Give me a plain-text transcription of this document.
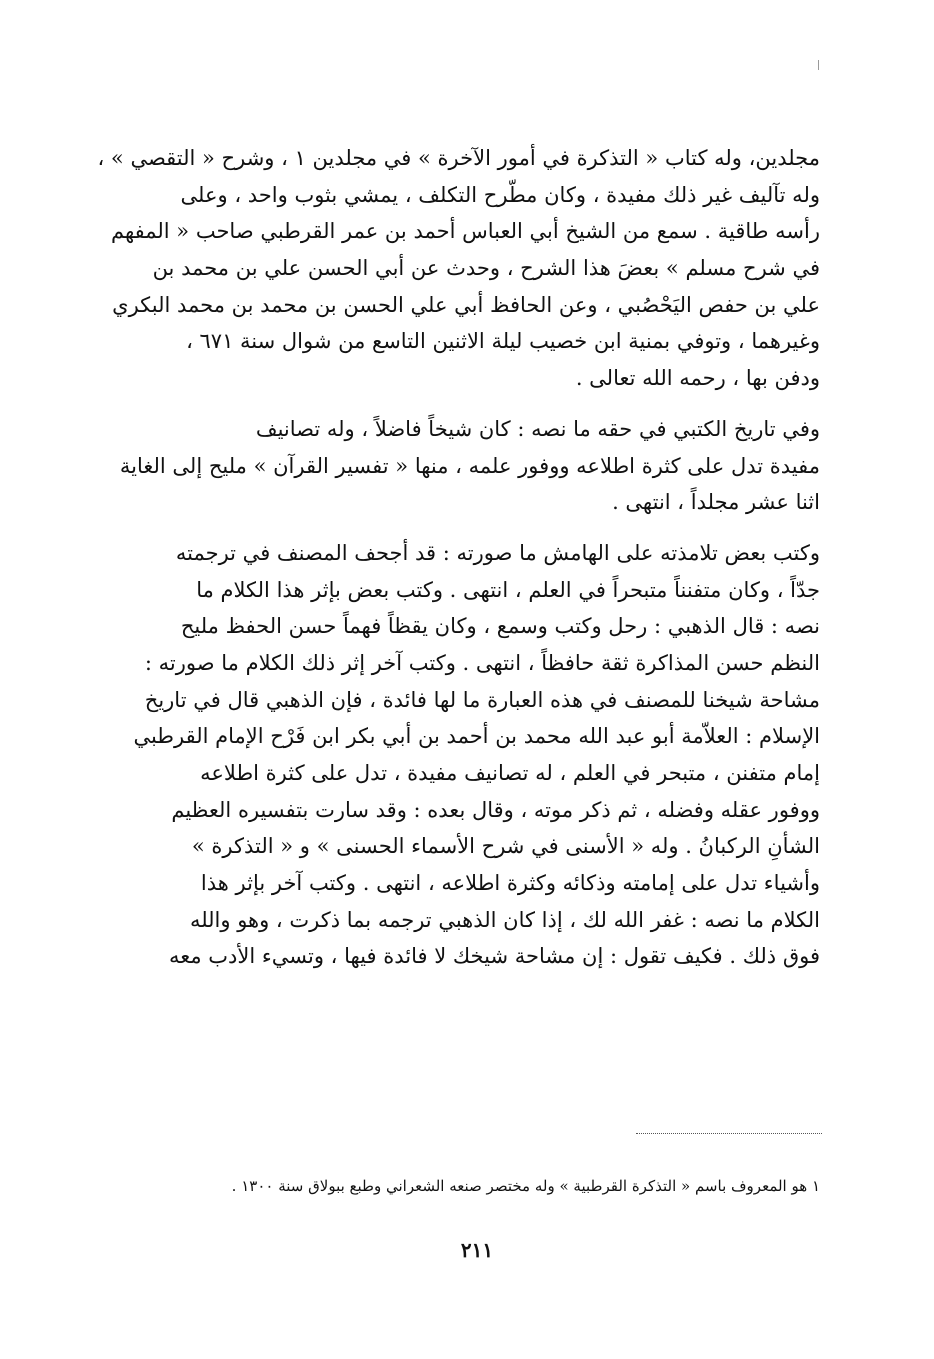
مجلدين، وله كتاب « التذكرة في أمور الآخرة » في مجلدين ١ ، وشرح « التقصي » ،
وله تآليف غير ذلك مفيدة ، وكان مطّرح التكلف ، يمشي بثوب واحد ، وعلى
رأسه طاقية . سمع من الشيخ أبي العباس أحمد بن عمر القرطبي صاحب « المفهم
في شرح مسلم » بعضَ هذا الشرح ، وحدث عن أبي الحسن علي بن محمد بن
علي بن حفص اليَحْصُبي ، وعن الحافظ أبي علي الحسن بن محمد بن محمد البكري
وغيرهما ، وتوفي بمنية ابن خصيب ليلة الاثنين التاسع من شوال سنة ٦٧١ ،
ودفن بها ، رحمه الله تعالى .
وفي تاريخ الكتبي في حقه ما نصه : كان شيخاً فاضلاً ، وله تصانيف
مفيدة تدل على كثرة اطلاعه ووفور علمه ، منها « تفسير القرآن » مليح إلى الغاية
اثنا عشر مجلداً ، انتهى .
وكتب بعض تلامذته على الهامش ما صورته : قد أجحف المصنف في ترجمته
جدّاً ، وكان متفنناً متبحراً في العلم ، انتهى . وكتب بعض بإثر هذا الكلام ما
نصه : قال الذهبي : رحل وكتب وسمع ، وكان يقظاً فهماً حسن الحفظ مليح
النظم حسن المذاكرة ثقة حافظاً ، انتهى . وكتب آخر إثر ذلك الكلام ما صورته :
مشاحة شيخنا للمصنف في هذه العبارة ما لها فائدة ، فإن الذهبي قال في تاريخ
الإسلام : العلاّمة أبو عبد الله محمد بن أحمد بن أبي بكر ابن فَرْح الإمام القرطبي
إمام متفنن ، متبحر في العلم ، له تصانيف مفيدة ، تدل على كثرة اطلاعه
ووفور عقله وفضله ، ثم ذكر موته ، وقال بعده : وقد سارت بتفسيره العظيم
الشأنِ الركبانُ . وله « الأسنى في شرح الأسماء الحسنى » و « التذكرة »
وأشياء تدل على إمامته وذكائه وكثرة اطلاعه ، انتهى . وكتب آخر بإثر هذا
الكلام ما نصه : غفر الله لك ، إذا كان الذهبي ترجمه بما ذكرت ، وهو والله
فوق ذلك . فكيف تقول : إن مشاحة شيخك لا فائدة فيها ، وتسيء الأدب معه
١ هو المعروف باسم « التذكرة القرطبية » وله مختصر صنعه الشعراني وطبع ببولاق سنة ١٣٠٠ .
٢١١
